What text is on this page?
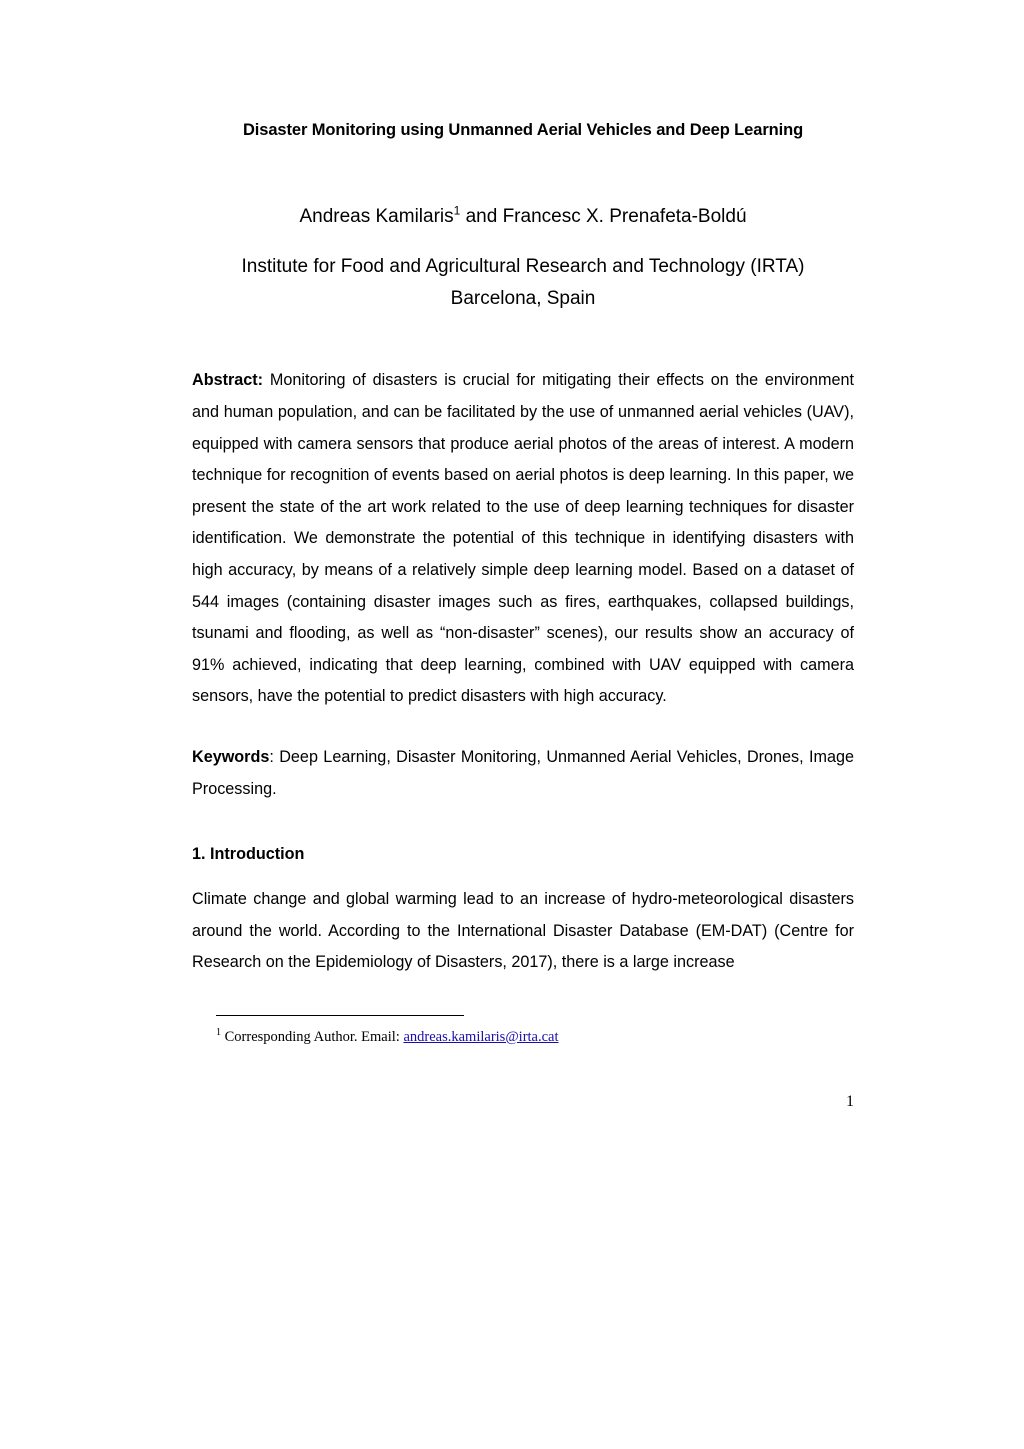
Disaster Monitoring using Unmanned Aerial Vehicles and Deep Learning
Andreas Kamilaris$^1$ and Francesc X. Prenafeta-Boldú
Institute for Food and Agricultural Research and Technology (IRTA)
Barcelona, Spain
Abstract: Monitoring of disasters is crucial for mitigating their effects on the environment and human population, and can be facilitated by the use of unmanned aerial vehicles (UAV), equipped with camera sensors that produce aerial photos of the areas of interest. A modern technique for recognition of events based on aerial photos is deep learning. In this paper, we present the state of the art work related to the use of deep learning techniques for disaster identification. We demonstrate the potential of this technique in identifying disasters with high accuracy, by means of a relatively simple deep learning model. Based on a dataset of 544 images (containing disaster images such as fires, earthquakes, collapsed buildings, tsunami and flooding, as well as “non-disaster” scenes), our results show an accuracy of 91% achieved, indicating that deep learning, combined with UAV equipped with camera sensors, have the potential to predict disasters with high accuracy.
Keywords: Deep Learning, Disaster Monitoring, Unmanned Aerial Vehicles, Drones, Image Processing.
1. Introduction
Climate change and global warming lead to an increase of hydro-meteorological disasters around the world. According to the International Disaster Database (EM-DAT) (Centre for Research on the Epidemiology of Disasters, 2017), there is a large increase
$^1$ Corresponding Author. Email: andreas.kamilaris@irta.cat
1
